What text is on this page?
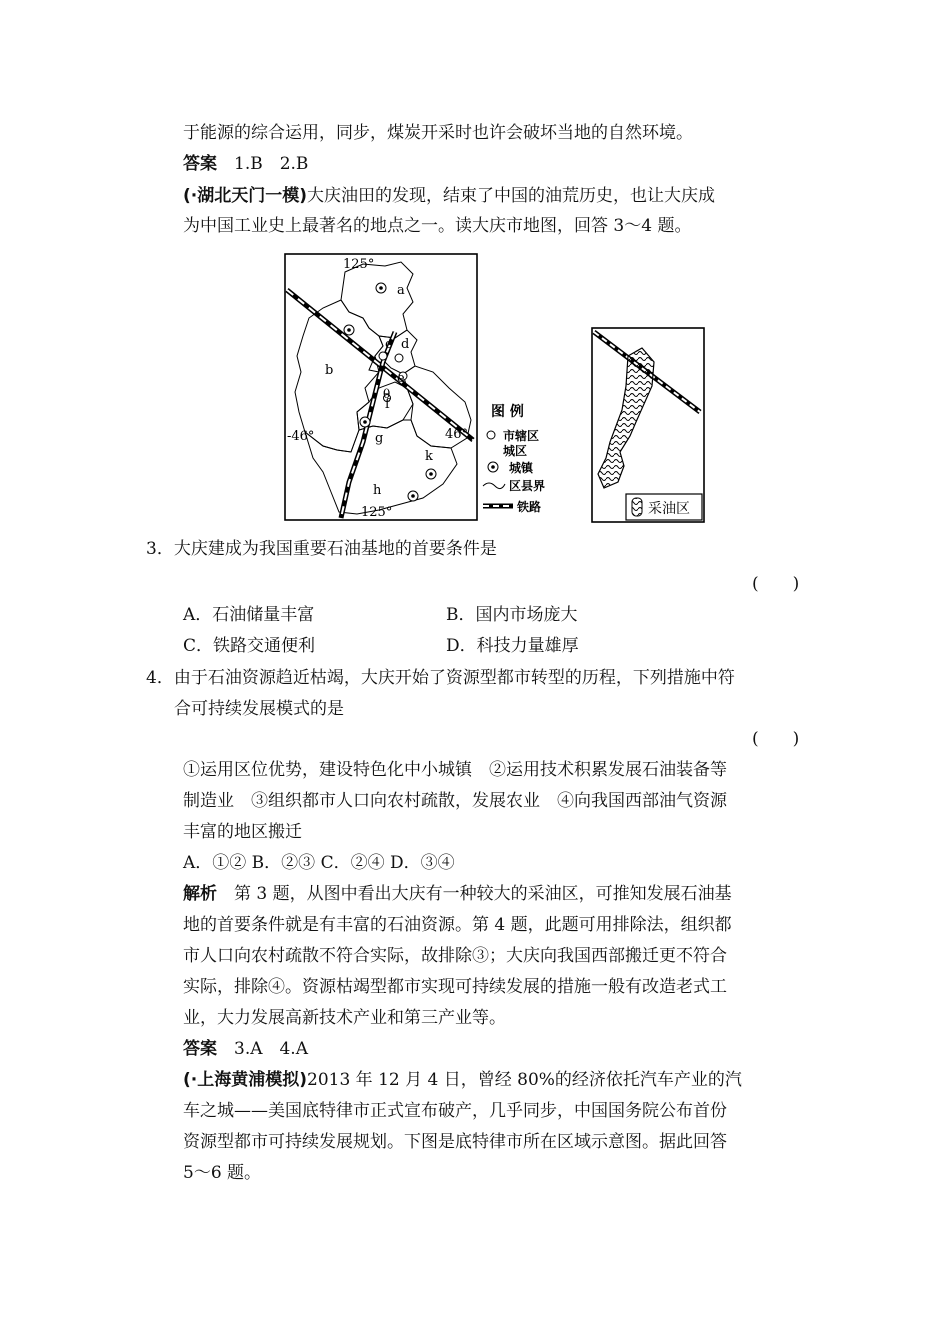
于能源的综合运用，同步，煤炭开采时也许会破坏当地的自然环境。
答案　 1.B　2.B
(·湖北天门一模)大庆油田的发现，结束了中国的油荒历史，也让大庆成
为中国工业史上最著名的地点之一。读大庆市地图，回答 3～4 题。
125°
125°
-46°	46°
a
b
c d
e
f
g
h
k
θ
图 例
市辖区
城区
城镇
区县界
铁路	采油区
3．大庆建成为我国重要石油基地的首要条件是
(　　)
A．石油储量丰富	B．国内市场庞大
C．铁路交通便利	D．科技力量雄厚
4．由于石油资源趋近枯竭，大庆开始了资源型都市转型的历程，下列措施中符
合可持续发展模式的是
(　　)
①运用区位优势，建设特色化中小城镇　②运用技术积累发展石油装备等
制造业　③组织都市人口向农村疏散，发展农业　④向我国西部油气资源
丰富的地区搬迁
A．①② B．②③ C．②④ D．③④
解析　第 3 题，从图中看出大庆有一种较大的采油区，可推知发展石油基
地的首要条件就是有丰富的石油资源。第 4 题，此题可用排除法，组织都
市人口向农村疏散不符合实际，故排除③；大庆向我国西部搬迁更不符合
实际，排除④。资源枯竭型都市实现可持续发展的措施一般有改造老式工
业，大力发展高新技术产业和第三产业等。
答案　 3.A　4.A
(·上海黄浦模拟)2013 年 12 月 4 日，曾经 80%的经济依托汽车产业的汽
车之城——美国底特律市正式宣布破产，几乎同步，中国国务院公布首份
资源型都市可持续发展规划。下图是底特律市所在区域示意图。据此回答
5～6 题。
